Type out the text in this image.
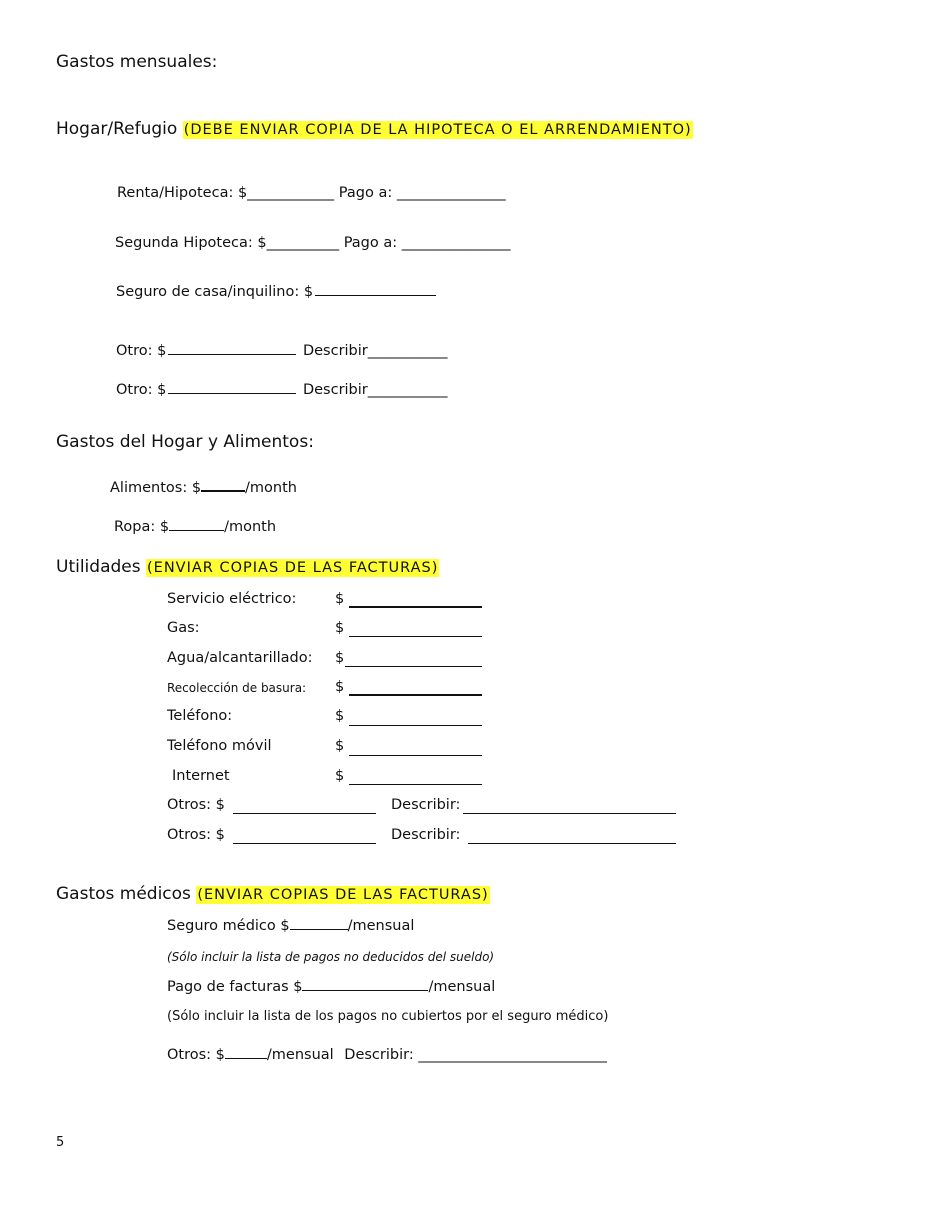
Gastos mensuales:
Hogar/Refugio (DEBE ENVIAR COPIA DE LA HIPOTECA O EL ARRENDAMIENTO)
Renta/Hipoteca: $____________ Pago a: _______________
Segunda Hipoteca: $__________ Pago a: _______________
Seguro de casa/inquilino: $
Otro: $	Describir___________
Otro: $	Describir___________
Gastos del Hogar y Alimentos:
Alimentos: $	/month
Ropa: $	/month
Utilidades (ENVIAR COPIAS DE LAS FACTURAS)
Servicio eléctrico:	$
Gas:	$
Agua/alcantarillado: $
Recolección de basura: $
Teléfono:	$
Teléfono móvil	$
Internet	$
Otros: $	Describir:
Otros: $	Describir:
Gastos médicos (ENVIAR COPIAS DE LAS FACTURAS)
Seguro médico $	/mensual
(Sólo incluir la lista de pagos no deducidos del sueldo)
Pago de facturas $	/mensual
(Sólo incluir la lista de los pagos no cubiertos por el seguro médico)
Otros: $	/mensual Describir: __________________________
5
